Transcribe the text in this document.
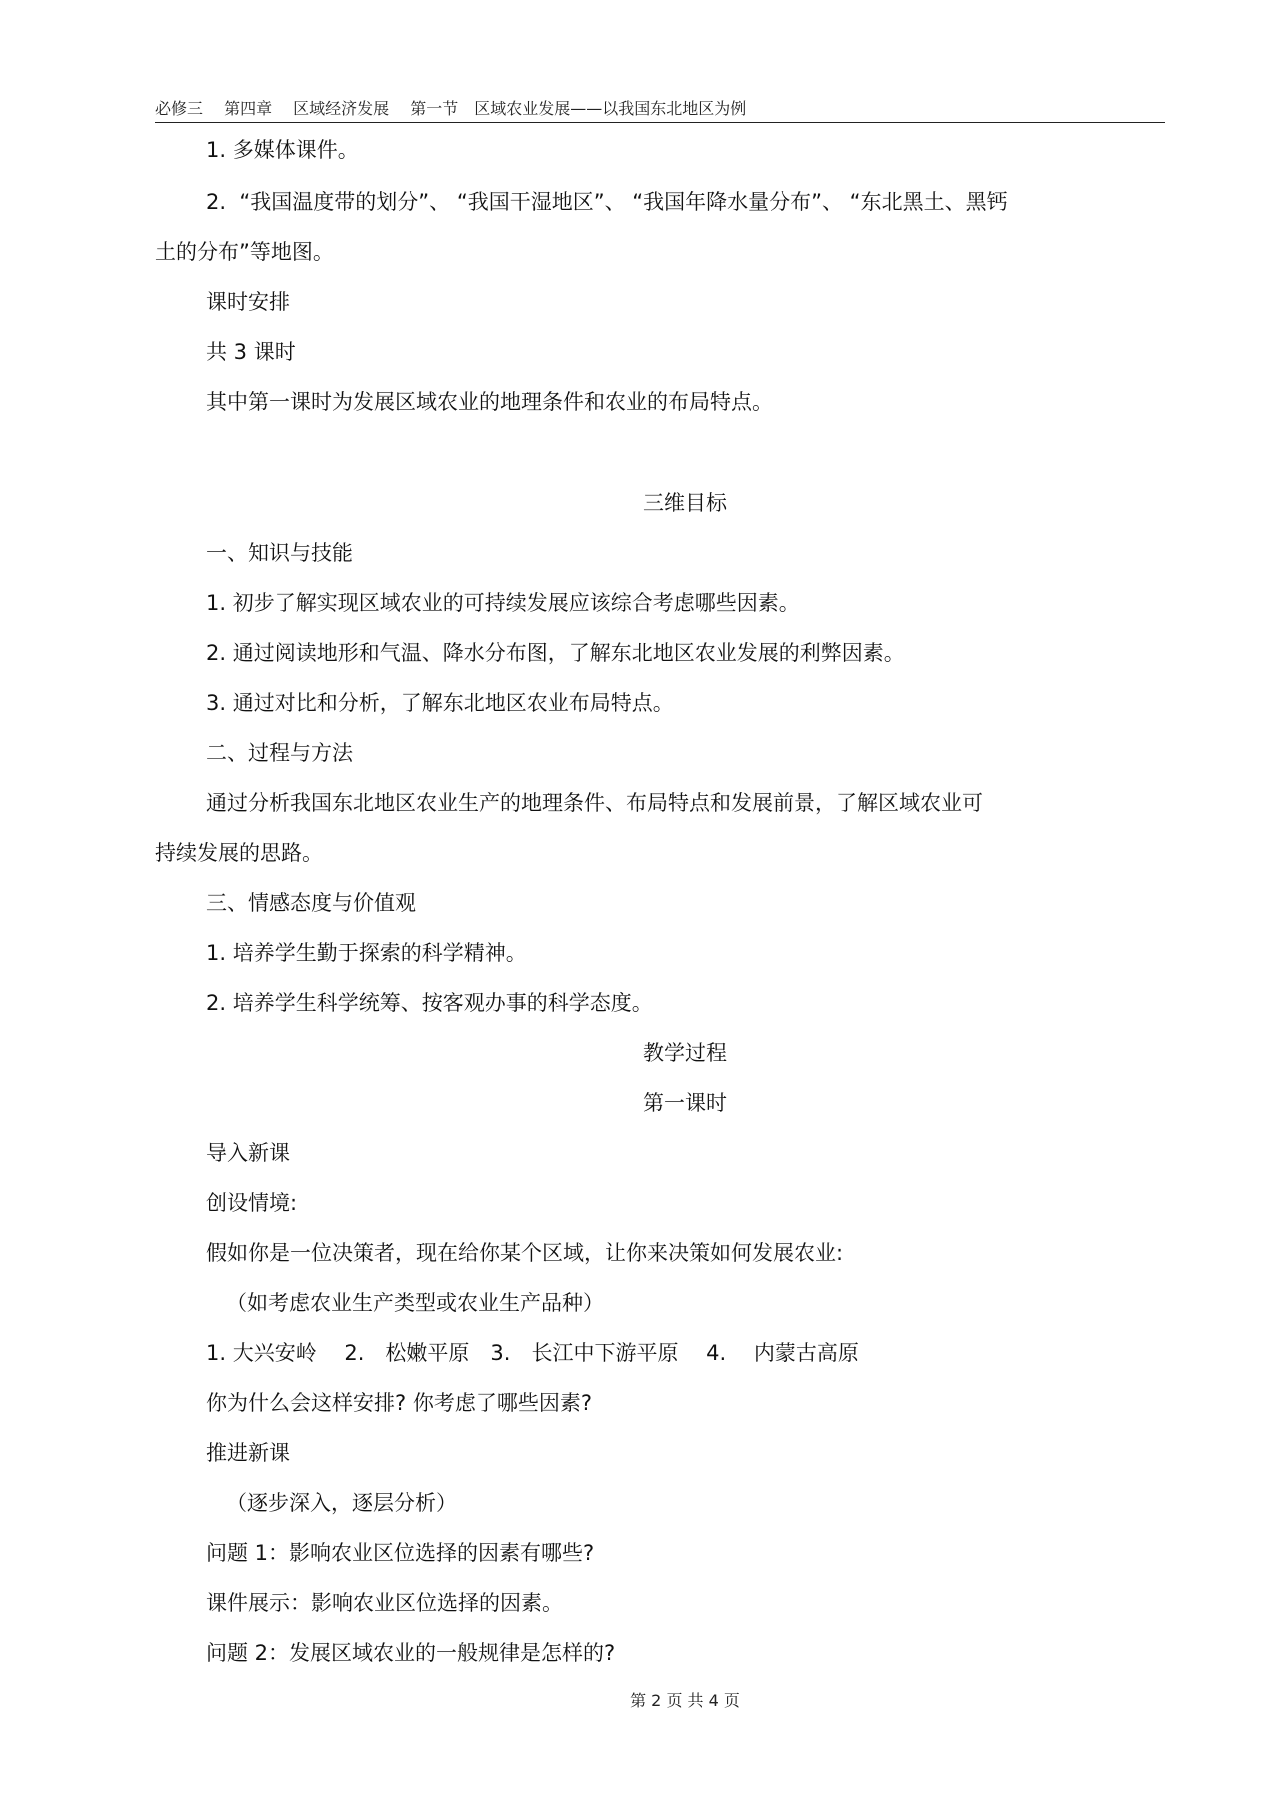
必修三　 第四章　 区域经济发展　 第一节　区域农业发展——以我国东北地区为例
1. 多媒体课件。
2.  “我国温度带的划分”、 “我国干湿地区”、 “我国年降水量分布”、 “东北黑土、黑钙
土的分布”等地图。
课时安排
共 3 课时
其中第一课时为发展区域农业的地理条件和农业的布局特点。
三维目标
一、知识与技能
1. 初步了解实现区域农业的可持续发展应该综合考虑哪些因素。
2. 通过阅读地形和气温、降水分布图，了解东北地区农业发展的利弊因素。
3. 通过对比和分析，了解东北地区农业布局特点。
二、过程与方法
通过分析我国东北地区农业生产的地理条件、布局特点和发展前景，了解区域农业可
持续发展的思路。
三、情感态度与价值观
1. 培养学生勤于探索的科学精神。
2. 培养学生科学统筹、按客观办事的科学态度。
教学过程
第一课时
导入新课
创设情境:
假如你是一位决策者，现在给你某个区域，让你来决策如何发展农业:
（如考虑农业生产类型或农业生产品种）
1. 大兴安岭　 2.　松嫩平原　3.　长江中下游平原　 4.　 内蒙古高原
你为什么会这样安排? 你考虑了哪些因素?
推进新课
（逐步深入，逐层分析）
问题 1：影响农业区位选择的因素有哪些?
课件展示：影响农业区位选择的因素。
问题 2：发展区域农业的一般规律是怎样的?
第 2 页 共 4 页
